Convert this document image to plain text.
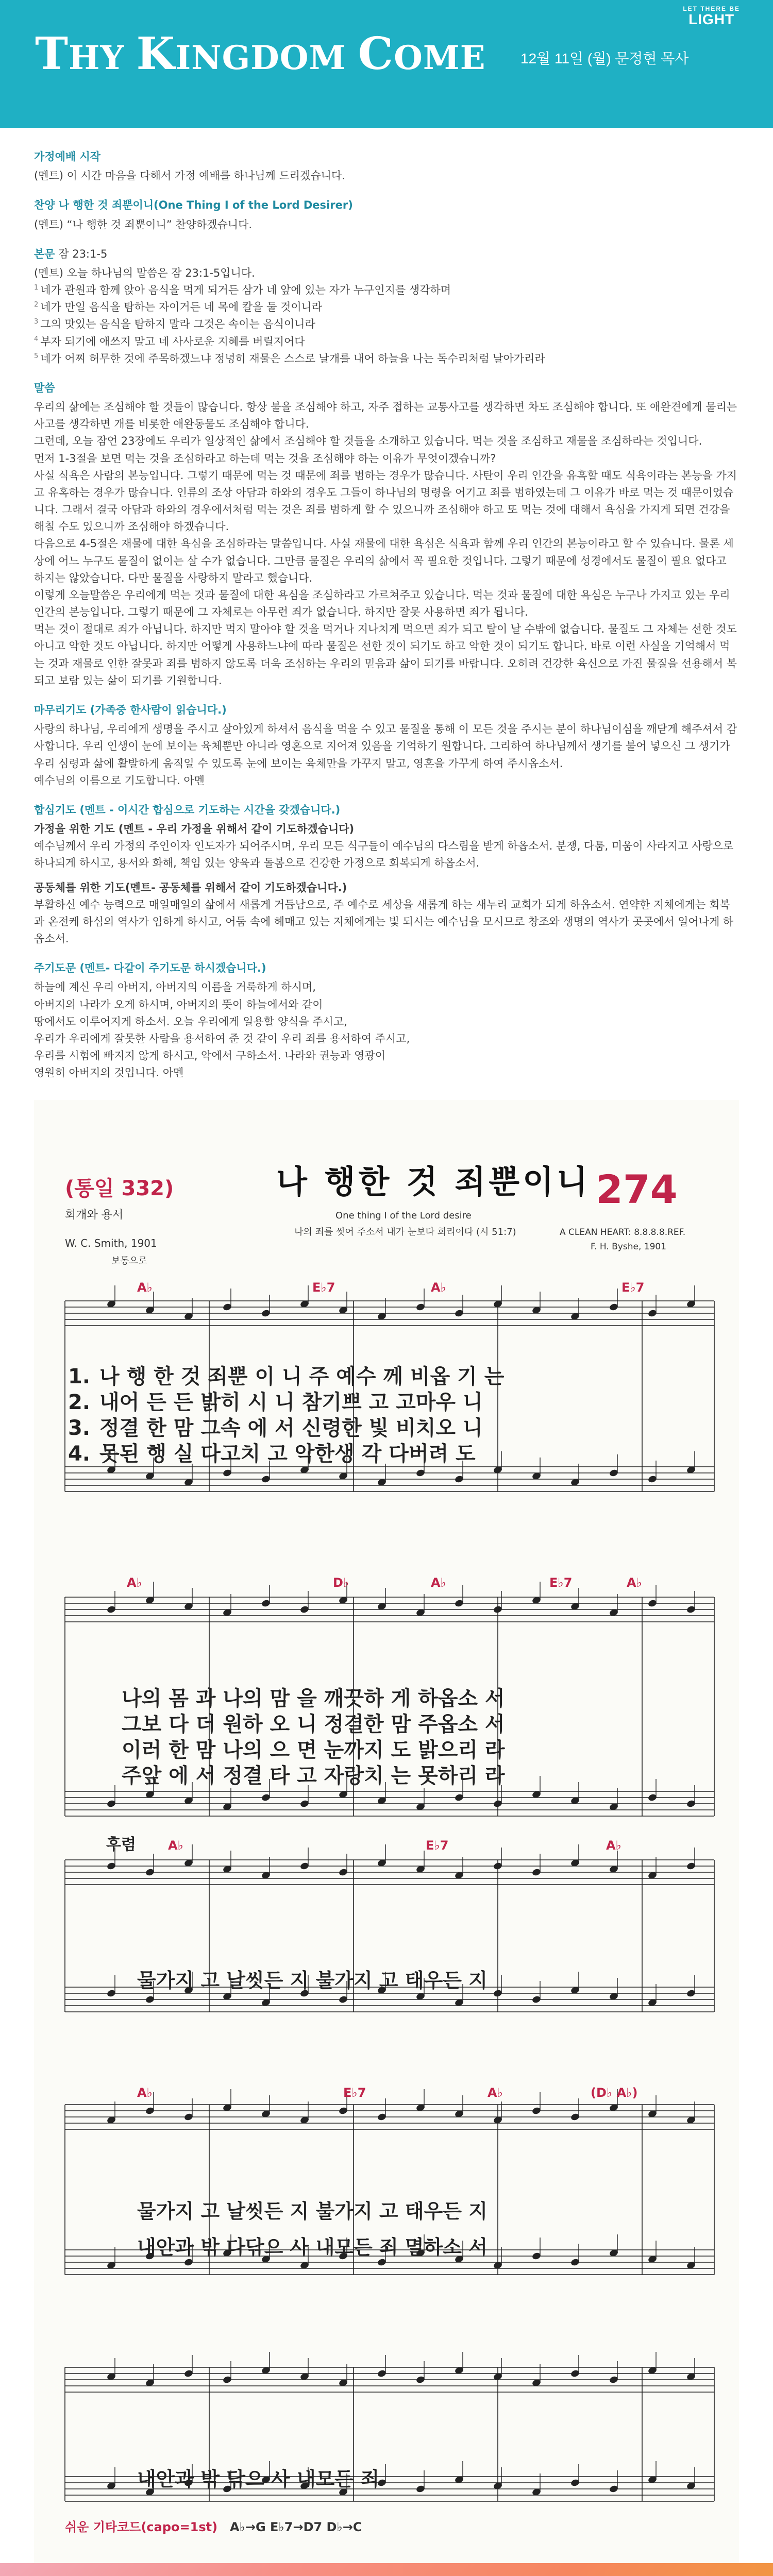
THY KINGDOM COME 12월 11일 (월) 문정현 목사
LET THERE BE
LIGHT
가정예배 시작
(멘트) 이 시간 마음을 다해서 가정 예배를 하나님께 드리겠습니다.
찬양 나 행한 것 죄뿐이니(One Thing I of the Lord Desirer)
(멘트) “나 행한 것 죄뿐이니” 찬양하겠습니다.
본문 잠 23:1-5
(멘트) 오늘 하나님의 말씀은 잠 23:1-5입니다.
$^1$ 네가 관원과 함께 앉아 음식을 먹게 되거든 삼가 네 앞에 있는 자가 누구인지를 생각하며
$^2$ 네가 만일 음식을 탐하는 자이거든 네 목에 칼을 둘 것이니라
$^3$ 그의 맛있는 음식을 탐하지 말라 그것은 속이는 음식이니라
$^4$ 부자 되기에 애쓰지 말고 네 사사로운 지혜를 버릴지어다
$^5$ 네가 어찌 허무한 것에 주목하겠느냐 정녕히 재물은 스스로 날개를 내어 하늘을 나는 독수리처럼 날아가리라
말씀
우리의 삶에는 조심해야 할 것들이 많습니다. 항상 불을 조심해야 하고, 자주 접하는 교통사고를 생각하면 차도 조심해야 합니다. 또 애완견에게 물리는 사고를 생각하면 개를 비롯한 애완동물도 조심해야 합니다.
그런데, 오늘 잠언 23장에도 우리가 일상적인 삶에서 조심해야 할 것들을 소개하고 있습니다. 먹는 것을 조심하고 재물을 조심하라는 것입니다.
먼저 1-3절을 보면 먹는 것을 조심하라고 하는데 먹는 것을 조심해야 하는 이유가 무엇이겠습니까?
사실 식욕은 사람의 본능입니다. 그렇기 때문에 먹는 것 때문에 죄를 범하는 경우가 많습니다. 사탄이 우리 인간을 유혹할 때도 식욕이라는 본능을 가지고 유혹하는 경우가 많습니다. 인류의 조상 아담과 하와의 경우도 그들이 하나님의 명령을 어기고 죄를 범하였는데 그 이유가 바로 먹는 것 때문이었습니다. 그래서 결국 아담과 하와의 경우에서처럼 먹는 것은 죄를 범하게 할 수 있으니까 조심해야 하고 또 먹는 것에 대해서 욕심을 가지게 되면 건강을 해칠 수도 있으니까 조심해야 하겠습니다.
다음으로 4-5절은 재물에 대한 욕심을 조심하라는 말씀입니다. 사실 재물에 대한 욕심은 식욕과 함께 우리 인간의 본능이라고 할 수 있습니다. 물론 세상에 어느 누구도 물질이 없이는 살 수가 없습니다. 그만큼 물질은 우리의 삶에서 꼭 필요한 것입니다. 그렇기 때문에 성경에서도 물질이 필요 없다고 하지는 않았습니다. 다만 물질을 사랑하지 말라고 했습니다.
이렇게 오늘말씀은 우리에게 먹는 것과 물질에 대한 욕심을 조심하라고 가르쳐주고 있습니다. 먹는 것과 물질에 대한 욕심은 누구나 가지고 있는 우리 인간의 본능입니다. 그렇기 때문에 그 자체로는 아무런 죄가 없습니다. 하지만 잘못 사용하면 죄가 됩니다.
먹는 것이 절대로 죄가 아닙니다. 하지만 먹지 말아야 할 것을 먹거나 지나치게 먹으면 죄가 되고 탈이 날 수밖에 없습니다. 물질도 그 자체는 선한 것도 아니고 악한 것도 아닙니다. 하지만 어떻게 사용하느냐에 따라 물질은 선한 것이 되기도 하고 악한 것이 되기도 합니다. 바로 이런 사실을 기억해서 먹는 것과 재물로 인한 잘못과 죄를 범하지 않도록 더욱 조심하는 우리의 믿음과 삶이 되기를 바랍니다. 오히려 건강한 육신으로 가진 물질을 선용해서 복되고 보람 있는 삶이 되기를 기원합니다.
마무리기도 (가족중 한사람이 읽습니다.)
사랑의 하나님, 우리에게 생명을 주시고 살아있게 하셔서 음식을 먹을 수 있고 물질을 통해 이 모든 것을 주시는 분이 하나님이심을 깨닫게 해주셔서 감사합니다. 우리 인생이 눈에 보이는 육체뿐만 아니라 영혼으로 지어져 있음을 기억하기 원합니다. 그리하여 하나님께서 생기를 불어 넣으신 그 생기가 우리 심령과 삶에 활발하게 움직일 수 있도록 눈에 보이는 육체만을 가꾸지 말고, 영혼을 가꾸게 하여 주시옵소서.
예수님의 이름으로 기도합니다. 아멘
합심기도 (멘트 - 이시간 합심으로 기도하는 시간을 갖겠습니다.)
가정을 위한 기도 (멘트 - 우리 가정을 위해서 같이 기도하겠습니다)
예수님께서 우리 가정의 주인이자 인도자가 되어주시며, 우리 모든 식구들이 예수님의 다스림을 받게 하옵소서. 분쟁, 다툼, 미움이 사라지고 사랑으로 하나되게 하시고, 용서와 화해, 책임 있는 양육과 돌봄으로 건강한 가정으로 회복되게 하옵소서.
공동체를 위한 기도(멘트- 공동체를 위해서 같이 기도하겠습니다.)
부활하신 예수 능력으로 매일매일의 삶에서 새롭게 거듭남으로, 주 예수로 세상을 새롭게 하는 새누리 교회가 되게 하옵소서. 연약한 지체에게는 회복과 온전케 하심의 역사가 임하게 하시고, 어둠 속에 헤매고 있는 지체에게는 빛 되시는 예수님을 모시므로 창조와 생명의 역사가 곳곳에서 일어나게 하옵소서.
주기도문 (멘트- 다같이 주기도문 하시겠습니다.)
하늘에 계신 우리 아버지, 아버지의 이름을 거룩하게 하시며,
아버지의 나라가 오게 하시며, 아버지의 뜻이 하늘에서와 같이
땅에서도 이루어지게 하소서. 오늘 우리에게 일용할 양식을 주시고,
우리가 우리에게 잘못한 사람을 용서하여 준 것 같이 우리 죄를 용서하여 주시고,
우리를 시험에 빠지지 않게 하시고, 악에서 구하소서. 나라와 권능과 영광이
영원히 아버지의 것입니다. 아멘
(통일 332)
회개와 용서
W. C. Smith, 1901
보통으로
나 행한 것 죄뿐이니
One thing I of the Lord desire
나의 죄를 씻어 주소서 내가 눈보다 희리이다 (시 51:7)
274
A CLEAN HEART: 8.8.8.8.REF.
F. H. Byshe, 1901
1. 나 행 한 것 죄뿐 이 니 주 예수 께 비옵 기 는
2. 내어 든 든 밝히 시 니 참기쁘 고 고마우 니
3. 정결 한 맘 그속 에 서 신령한 빛 비치오 니
4. 못된 행 실 다고치 고 악한생 각 다버려 도
나의 몸 과 나의 맘 을 깨끗하 게 하옵소 서
그보 다 더 원하 오 니 정결한 맘 주옵소 서
이러 한 맘 나의 으 면 눈까지 도 밝으리 라
주앞 에 서 정결 타 고 자랑치 는 못하리 라
후렴
물가지 고 날씻든 지 불가지 고 태우든 지
물가지 고 날씻든 지 불가지 고 태우든 지
내안과 밖 다닦으 사 내모든 죄 멸하소 서
내안과 밖 닦으 사 내모든 죄
쉬운 기타코드(capo=1st) A♭→G E♭7→D7 D♭→C
A♭	E♭7	A♭	E♭7
A♭	D♭	A♭	E♭7	A♭
A♭	E♭7	A♭
(D♭ A♭)
A♭	E♭7	A♭
